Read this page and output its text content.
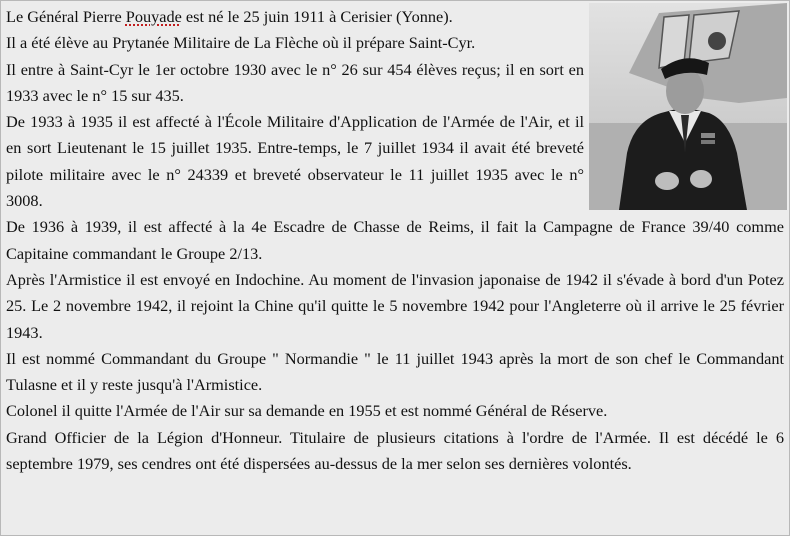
Le Général Pierre Pouyade est né le 25 juin 1911 à Cerisier (Yonne).

Il a été élève au Prytanée Militaire de La Flèche où il prépare Saint-Cyr.

Il entre à Saint-Cyr le 1er octobre 1930 avec le n° 26 sur 454 élèves reçus; il en sort en 1933 avec le n° 15 sur 435.

De 1933 à 1935 il est affecté à l'École Militaire d'Application de l'Armée de l'Air, et il en sort Lieutenant le 15 juillet 1935. Entre-temps, le 7 juillet 1934 il avait été breveté pilote militaire avec le n° 24339 et breveté observateur le 11 juillet 1935 avec le n° 3008.

De 1936 à 1939, il est affecté à la 4e Escadre de Chasse de Reims, il fait la Campagne de France 39/40 comme Capitaine commandant le Groupe 2/13.

Après l'Armistice il est envoyé en Indochine. Au moment de l'invasion japonaise de 1942 il s'évade à bord d'un Potez 25. Le 2 novembre 1942, il rejoint la Chine qu'il quitte le 5 novembre 1942 pour l'Angleterre où il arrive le 25 février 1943.

Il est nommé Commandant du Groupe " Normandie " le 11 juillet 1943 après la mort de son chef le Commandant Tulasne et il y reste jusqu'à l'Armistice.

Colonel il quitte l'Armée de l'Air sur sa demande en 1955 et est nommé Général de Réserve.

Grand Officier de la Légion d'Honneur. Titulaire de plusieurs citations à l'ordre de l'Armée. Il est décédé le 6 septembre 1979, ses cendres ont été dispersées au-dessus de la mer selon ses dernières volontés.
